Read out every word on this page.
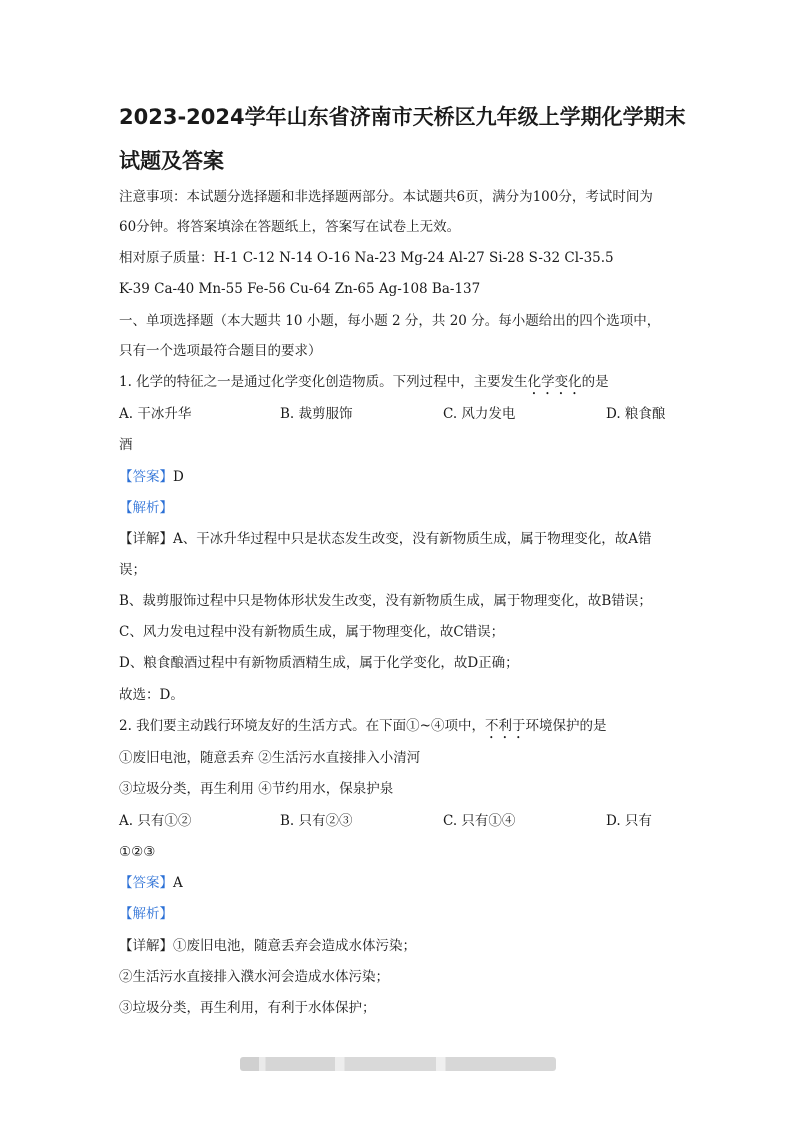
2023-2024学年山东省济南市天桥区九年级上学期化学期末
试题及答案
注意事项：本试题分选择题和非选择题两部分。本试题共6页，满分为100分，考试时间为
60分钟。将答案填涂在答题纸上，答案写在试卷上无效。
相对原子质量：H-1 C-12 N-14 O-16 Na-23 Mg-24 Al-27 Si-28 S-32 Cl-35.5
K-39 Ca-40 Mn-55 Fe-56 Cu-64 Zn-65 Ag-108 Ba-137
一、单项选择题（本大题共 10 小题，每小题 2 分，共 20 分。每小题给出的四个选项中，
只有一个选项最符合题目的要求）
1. 化学的特征之一是通过化学变化创造物质。下列过程中，主要发生化学变化的是
A. 干冰升华	B. 裁剪服饰	C. 风力发电	D. 粮食酿
酒
【答案】D
【解析】
【详解】A、干冰升华过程中只是状态发生改变，没有新物质生成，属于物理变化，故A错
误；
B、裁剪服饰过程中只是物体形状发生改变，没有新物质生成，属于物理变化，故B错误；
C、风力发电过程中没有新物质生成，属于物理变化，故C错误；
D、粮食酿酒过程中有新物质酒精生成，属于化学变化，故D正确；
故选：D。
2. 我们要主动践行环境友好的生活方式。在下面①~④项中，不利于环境保护的是
①废旧电池，随意丢弃 ②生活污水直接排入小清河
③垃圾分类，再生利用 ④节约用水，保泉护泉
A. 只有①②	B. 只有②③	C. 只有①④	D. 只有
①②③
【答案】A
【解析】
【详解】①废旧电池，随意丢弃会造成水体污染；
②生活污水直接排入濮水河会造成水体污染；
③垃圾分类，再生利用，有利于水体保护；
